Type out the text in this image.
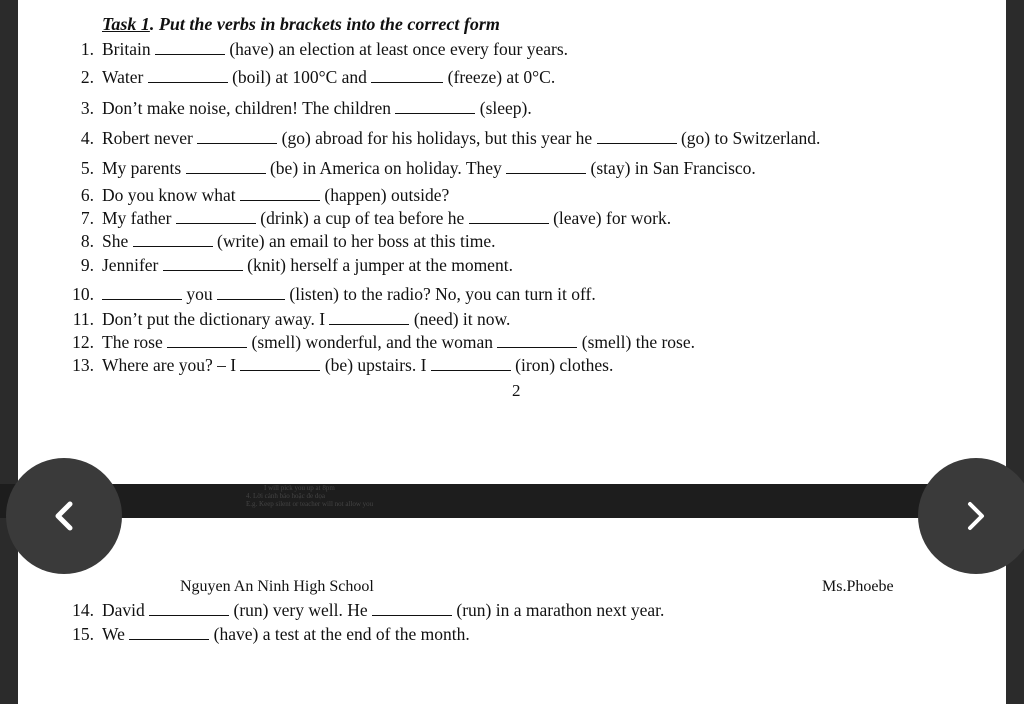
Task 1. Put the verbs in brackets into the correct form
1. Britain	(have) an election at least once every four years.
2. Water	(boil) at 100°C and	(freeze) at 0°C.
3. Don’t make noise, children! The children	(sleep).
4. Robert never	(go) abroad for his holidays, but this year he	(go) to Switzerland.
5. My parents	(be) in America on holiday. They	(stay) in San Francisco.
6. Do you know what	(happen) outside?
7. My father	(drink) a cup of tea before he	(leave) for work.
8. She	(write) an email to her boss at this time.
9. Jennifer	(knit) herself a jumper at the moment.
10.	you	(listen) to the radio? No, you can turn it off.
11. Don’t put the dictionary away. I	(need) it now.
12. The rose	(smell) wonderful, and the woman	(smell) the rose.
13. Where are you? – I	(be) upstairs. I	(iron) clothes.
2
Nguyen An Ninh High School	Ms.Phoebe
14. David	(run) very well. He	(run) in a marathon next year.
15. We	(have) a test at the end of the month.
I will pick you up at 8pm
4. Lời cảnh báo hoặc đe dọa
E.g. Keep silent or teacher will not allow you
